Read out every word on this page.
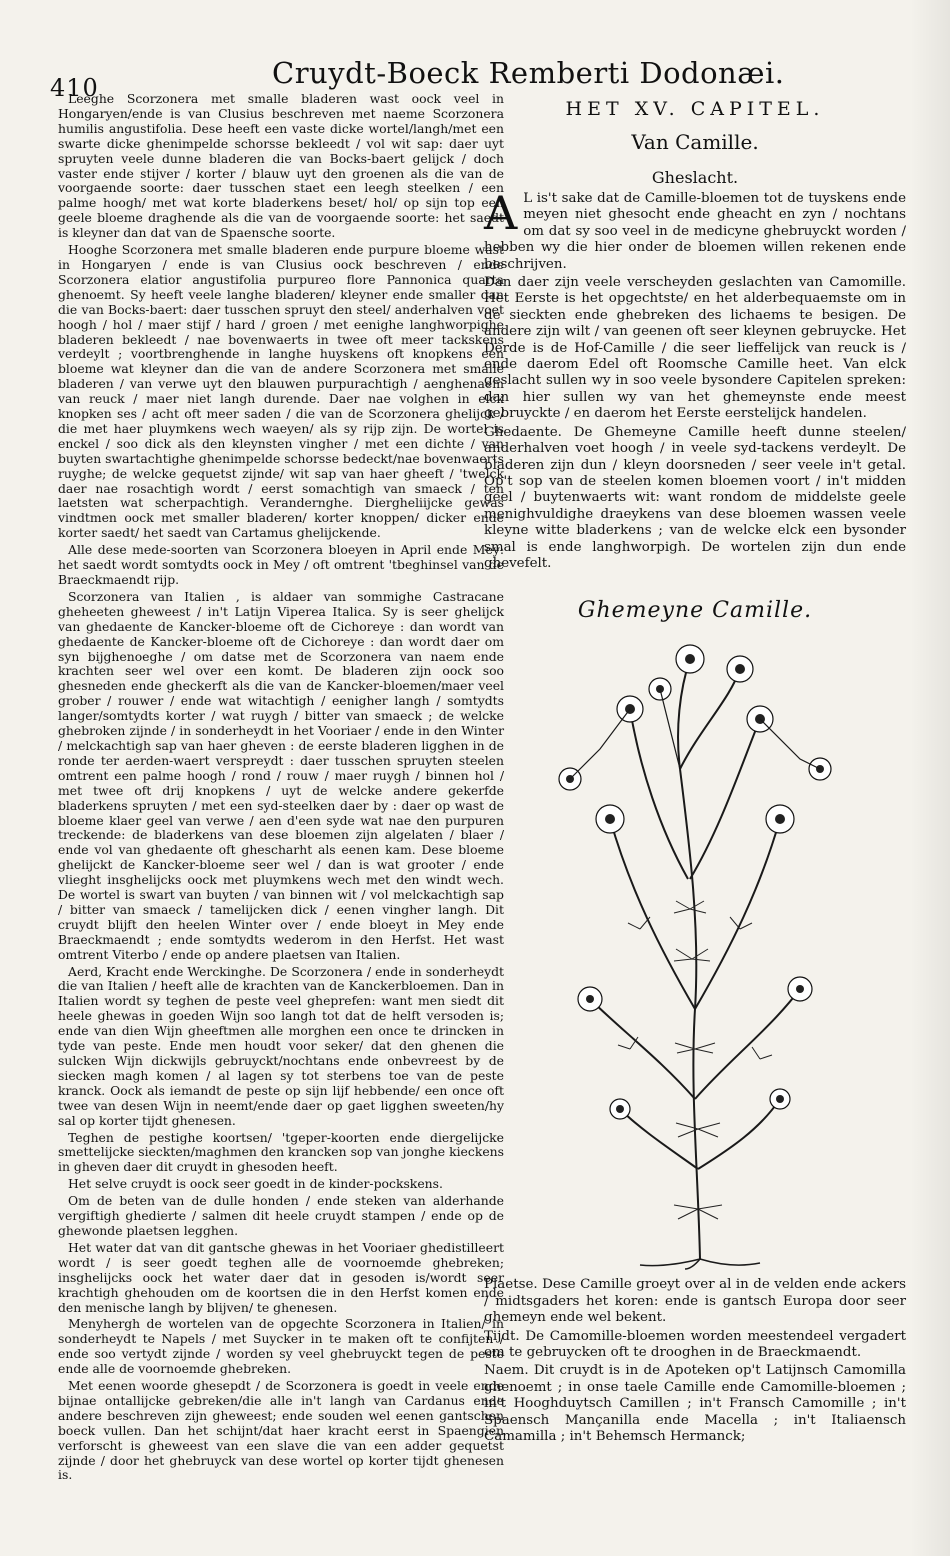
410	Cruydt-Boeck Remberti Dodonæi.

Leeghe Scorzonera met smalle bladeren wast oock veel in Hongaryen/ende is van Clusius beschreven met naeme Scorzonera humilis angustifolia. Dese heeft een vaste dicke wortel/langh/met een swarte dicke ghenimpelde schorsse bekleedt / vol wit sap: daer uyt spruyten veele dunne bladeren die van Bocks-baert gelijck / doch vaster ende stijver / korter / blauw uyt den groenen als die van de voorgaende soorte: daer tusschen staet een leegh steelken / een palme hoogh/ met wat korte bladerkens beset/ hol/ op sijn top een geele bloeme draghende als die van de voorgaende soorte: het saedt is kleyner dan dat van de Spaensche soorte.

Hooghe Scorzonera met smalle bladeren ende purpure bloeme wast in Hongaryen / ende is van Clusius oock beschreven / ende Scorzonera elatior angustifolia purpureo flore Pannonica quarta ghenoemt. Sy heeft veele langhe bladeren/ kleyner ende smaller dan die van Bocks-baert: daer tusschen spruyt den steel/ anderhalven voet hoogh / hol / maer stijf / hard / groen / met eenighe langhworpighe bladeren bekleedt / nae bovenwaerts in twee oft meer tackskens verdeylt ; voortbrenghende in langhe huyskens oft knopkens een bloeme wat kleyner dan die van de andere Scorzonera met smalle bladeren / van verwe uyt den blauwen purpurachtigh / aenghenaem van reuck / maer niet langh durende. Daer nae volghen in elck knopken ses / acht oft meer saden / die van de Scorzonera ghelijck / die met haer pluymkens wech waeyen/ als sy rijp zijn. De wortel is enckel / soo dick als den kleynsten vingher / met een dichte / van buyten swartachtighe ghenimpelde schorsse bedeckt/nae bovenwaerts ruyghe; de welcke gequetst zijnde/ wit sap van haer gheeft / 'twelck daer nae rosachtigh wordt / eerst somachtigh van smaeck / ten laetsten wat scherpachtigh. Verandernghe. Diergheliijcke gewas vindtmen oock met smaller bladeren/ korter knoppen/ dicker ende korter saedt/ het saedt van Cartamus ghelijckende.

Alle dese mede-soorten van Scorzonera bloeyen in April ende Mey: het saedt wordt somtydts oock in Mey / oft omtrent 'tbeghinsel van de Braeckmaendt rijp.

Scorzonera van Italien , is aldaer van sommighe Castracane gheheeten gheweest / in't Latijn Viperea Italica. Sy is seer ghelijck van ghedaente de Kancker-bloeme oft de Cichoreye : dan wordt van ghedaente de Kancker-bloeme oft de Cichoreye : dan wordt daer om syn bijghenoeghe / om datse met de Scorzonera van naem ende krachten seer wel over een komt. De bladeren zijn oock soo ghesneden ende gheckerft als die van de Kancker-bloemen/maer veel grober / rouwer / ende wat witachtigh / eenigher langh / somtydts langer/somtydts korter / wat ruygh / bitter van smaeck ; de welcke ghebroken zijnde / in sonderheydt in het Vooriaer / ende in den Winter / melckachtigh sap van haer gheven : de eerste bladeren ligghen in de ronde ter aerden-waert verspreydt : daer tusschen spruyten steelen omtrent een palme hoogh / rond / rouw / maer ruygh / binnen hol / met twee oft drij knopkens / uyt de welcke andere gekerfde bladerkens spruyten / met een syd-steelken daer by : daer op wast de bloeme klaer geel van verwe / aen d'een syde wat nae den purpuren treckende: de bladerkens van dese bloemen zijn algelaten / blaer / ende vol van ghedaente oft ghescharht als eenen kam. Dese bloeme ghelijckt de Kancker-bloeme seer wel / dan is wat grooter / ende vlieght insghelijcks oock met pluymkens wech met den windt wech. De wortel is swart van buyten / van binnen wit / vol melckachtigh sap / bitter van smaeck / tamelijcken dick / eenen vingher langh. Dit cruydt blijft den heelen Winter over / ende bloeyt in Mey ende Braeckmaendt ; ende somtydts wederom in den Herfst. Het wast omtrent Viterbo / ende op andere plaetsen van Italien.

Aerd, Kracht ende Werckinghe. De Scorzonera / ende in sonderheydt die van Italien / heeft alle de krachten van de Kanckerbloemen. Dan in Italien wordt sy teghen de peste veel gheprefen: want men siedt dit heele ghewas in goeden Wijn soo langh tot dat de helft versoden is; ende van dien Wijn gheeftmen alle morghen een once te drincken in tyde van peste. Ende men houdt voor seker/ dat den ghenen die sulcken Wijn dickwijls gebruyckt/nochtans ende onbevreest by de siecken magh komen / al lagen sy tot sterbens toe van de peste kranck. Oock als iemandt de peste op sijn lijf hebbende/ een once oft twee van desen Wijn in neemt/ende daer op gaet ligghen sweeten/hy sal op korter tijdt ghenesen.

Teghen de pestighe koortsen/ 'tgeper-koorten ende diergelijcke smettelijcke sieckten/maghmen den krancken sop van jonghe kieckens in gheven daer dit cruydt in ghesoden heeft.

Het selve cruydt is oock seer goedt in de kinder-pockskens.

Om de beten van de dulle honden / ende steken van alderhande vergiftigh ghedierte / salmen dit heele cruydt stampen / ende op de ghewonde plaetsen legghen.

Het water dat van dit gantsche ghewas in het Vooriaer ghedistilleert wordt / is seer goedt teghen alle de voornoemde ghebreken; insghelijcks oock het water daer dat in gesoden is/wordt seer krachtigh ghehouden om de koortsen die in den Herfst komen ende den menische langh by blijven/ te ghenesen.

Menyhergh de wortelen van de opgechte Scorzonera in Italien/ in sonderheydt te Napels / met Suycker in te maken oft te confijten / ende soo vertydt zijnde / worden sy veel ghebruyckt tegen de peste ende alle de voornoemde ghebreken.

Met eenen woorde ghesepdt / de Scorzonera is goedt in veele ende bijnae ontallijcke gebreken/die alle in't langh van Cardanus ende andere beschreven zijn gheweest; ende souden wel eenen gantschen boeck vullen. Dan het schijnt/dat haer kracht eerst in Spaengien verforscht is gheweest van een slave die van een adder gequetst zijnde / door het ghebruyck van dese wortel op korter tijdt ghenesen is.

HET XV. CAPITEL.
Van Camille.
Gheslacht.

A L is't sake dat de Camille-bloemen tot de tuyskens ende meyen niet ghesocht ende gheacht en zyn / nochtans om dat sy soo veel in de medicyne ghebruyckt worden / hebben wy die hier onder de bloemen willen rekenen ende beschrijven.

Dan daer zijn veele verscheyden geslachten van Camomille. Het Eerste is het opgechtste/ en het alderbequaemste om in de sieckten ende ghebreken des lichaems te besigen. De andere zijn wilt / van geenen oft seer kleynen gebruycke. Het Derde is de Hof-Camille / die seer lieffelijck van reuck is / ende daerom Edel oft Roomsche Camille heet. Van elck geslacht sullen wy in soo veele bysondere Capitelen spreken: dan hier sullen wy van het ghemeynste ende meest gebruyckte / en daerom het Eerste eerstelijck handelen.

Ghedaente. De Ghemeyne Camille heeft dunne steelen/ anderhalven voet hoogh / in veele syd-tackens verdeylt. De bladeren zijn dun / kleyn doorsneden / seer veele in't getal. Op't sop van de steelen komen bloemen voort / in't midden geel / buytenwaerts wit: want rondom de middelste geele menighvuldighe draeykens van dese bloemen wassen veele kleyne witte bladerkens ; van de welcke elck een bysonder smal is ende langhworpigh. De wortelen zijn dun ende ghevefelt.

Ghemeyne Camille.

Plaetse. Dese Camille groeyt over al in de velden ende ackers / midtsgaders het koren: ende is gantsch Europa door seer ghemeyn ende wel bekent.

Tijdt. De Camomille-bloemen worden meestendeel vergadert om te gebruycken oft te drooghen in de Braeckmaendt.

Naem. Dit cruydt is in de Apoteken op't Latijnsch Camomilla ghenoemt ; in onse taele Camille ende Camomille-bloemen ; in't Hooghduytsch Camillen ; in't Fransch Camomille ; in't Spaensch Mançanilla ende Macella ; in't Italiaensch Camamilla ; in't Behemsch Hermanck;
